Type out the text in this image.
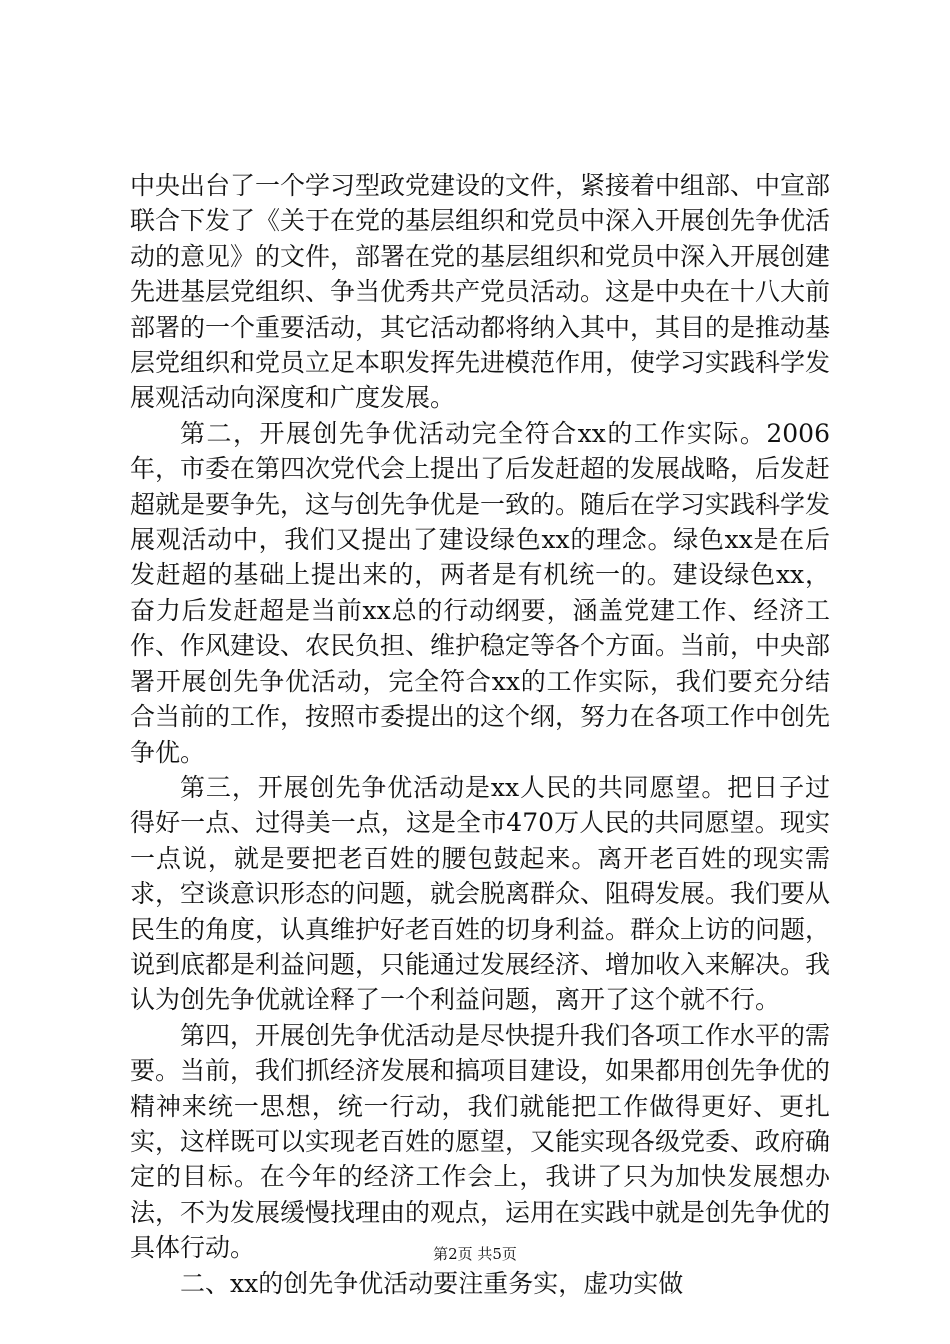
中央出台了一个学习型政党建设的文件，紧接着中组部、中宣部联合下发了《关于在党的基层组织和党员中深入开展创先争优活动的意见》的文件，部署在党的基层组织和党员中深入开展创建先进基层党组织、争当优秀共产党员活动。这是中央在十八大前部署的一个重要活动，其它活动都将纳入其中，其目的是推动基层党组织和党员立足本职发挥先进模范作用，使学习实践科学发展观活动向深度和广度发展。

第二，开展创先争优活动完全符合xx的工作实际。2006年，市委在第四次党代会上提出了后发赶超的发展战略，后发赶超就是要争先，这与创先争优是一致的。随后在学习实践科学发展观活动中，我们又提出了建设绿色xx的理念。绿色xx是在后发赶超的基础上提出来的，两者是有机统一的。建设绿色xx，奋力后发赶超是当前xx总的行动纲要，涵盖党建工作、经济工作、作风建设、农民负担、维护稳定等各个方面。当前，中央部署开展创先争优活动，完全符合xx的工作实际，我们要充分结合当前的工作，按照市委提出的这个纲，努力在各项工作中创先争优。

第三，开展创先争优活动是xx人民的共同愿望。把日子过得好一点、过得美一点，这是全市470万人民的共同愿望。现实一点说，就是要把老百姓的腰包鼓起来。离开老百姓的现实需求，空谈意识形态的问题，就会脱离群众、阻碍发展。我们要从民生的角度，认真维护好老百姓的切身利益。群众上访的问题，说到底都是利益问题，只能通过发展经济、增加收入来解决。我认为创先争优就诠释了一个利益问题，离开了这个就不行。

第四，开展创先争优活动是尽快提升我们各项工作水平的需要。当前，我们抓经济发展和搞项目建设，如果都用创先争优的精神来统一思想，统一行动，我们就能把工作做得更好、更扎实，这样既可以实现老百姓的愿望，又能实现各级党委、政府确定的目标。在今年的经济工作会上，我讲了只为加快发展想办法，不为发展缓慢找理由的观点，运用在实践中就是创先争优的具体行动。

二、xx的创先争优活动要注重务实，虚功实做

第2页 共5页
